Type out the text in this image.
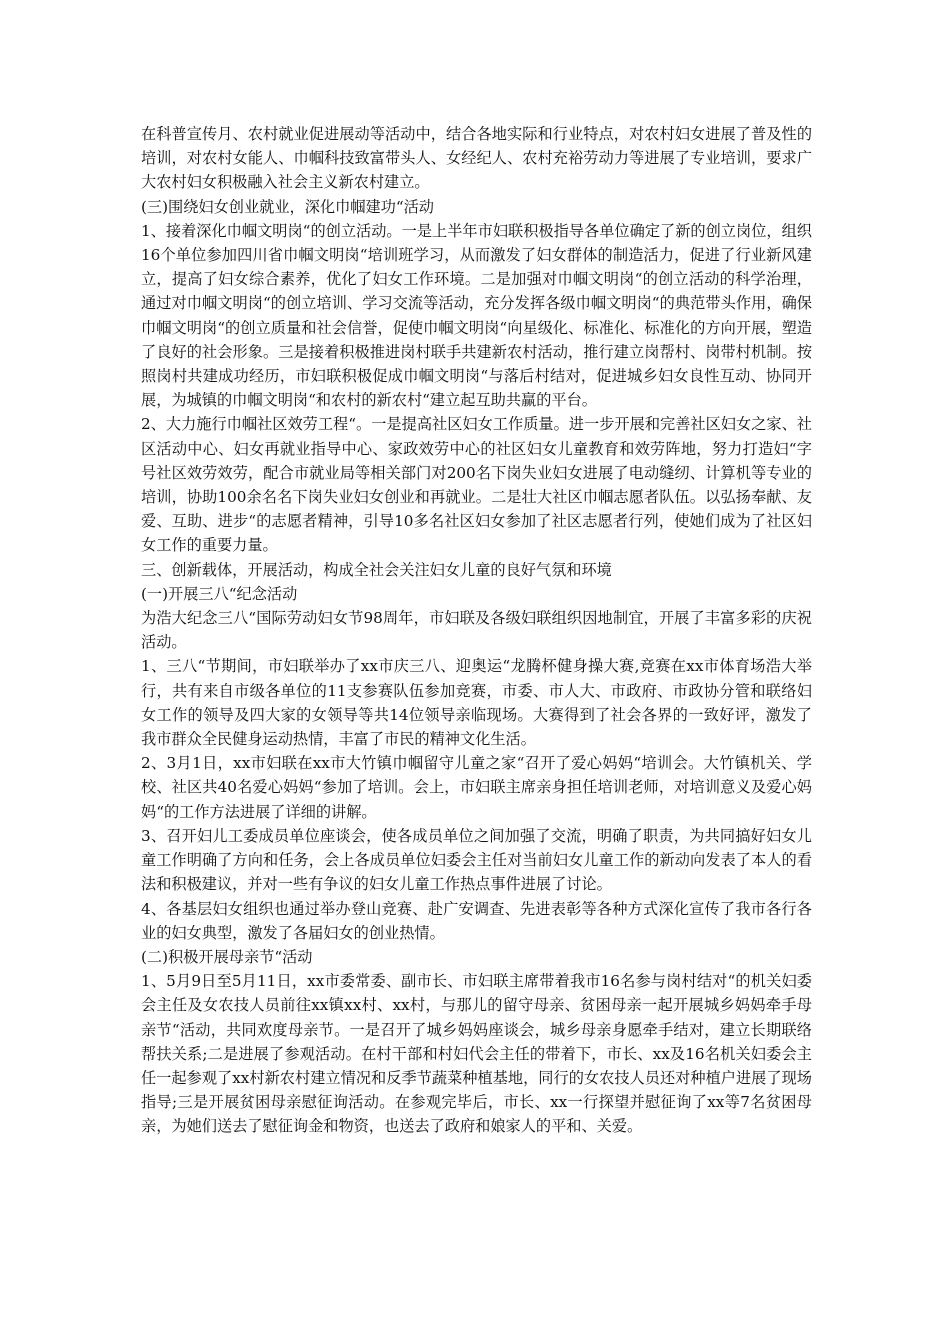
在科普宣传月、农村就业促进展动等活动中，结合各地实际和行业特点，对农村妇女进展了普及性的培训，对农村女能人、巾帼科技致富带头人、女经纪人、农村充裕劳动力等进展了专业培训，要求广大农村妇女积极融入社会主义新农村建立。

(三)围绕妇女创业就业，深化巾帼建功“活动

1、接着深化巾帼文明岗“的创立活动。一是上半年市妇联积极指导各单位确定了新的创立岗位，组织16个单位参加四川省巾帼文明岗“培训班学习，从而激发了妇女群体的制造活力，促进了行业新风建立，提高了妇女综合素养，优化了妇女工作环境。二是加强对巾帼文明岗“的创立活动的科学治理，通过对巾帼文明岗“的创立培训、学习交流等活动，充分发挥各级巾帼文明岗“的典范带头作用，确保巾帼文明岗“的创立质量和社会信誉，促使巾帼文明岗“向星级化、标准化、标准化的方向开展，塑造了良好的社会形象。三是接着积极推进岗村联手共建新农村活动，推行建立岗帮村、岗带村机制。按照岗村共建成功经历，市妇联积极促成巾帼文明岗“与落后村结对，促进城乡妇女良性互动、协同开展，为城镇的巾帼文明岗“和农村的新农村“建立起互助共赢的平台。

2、大力施行巾帼社区效劳工程“。一是提高社区妇女工作质量。进一步开展和完善社区妇女之家、社区活动中心、妇女再就业指导中心、家政效劳中心的社区妇女儿童教育和效劳阵地，努力打造妇“字号社区效劳效劳，配合市就业局等相关部门对200名下岗失业妇女进展了电动缝纫、计算机等专业的培训，协助100余名名下岗失业妇女创业和再就业。二是壮大社区巾帼志愿者队伍。以弘扬奉献、友爱、互助、进步“的志愿者精神，引导10多名社区妇女参加了社区志愿者行列，使她们成为了社区妇女工作的重要力量。

三、创新载体，开展活动，构成全社会关注妇女儿童的良好气氛和环境

(一)开展三八“纪念活动

为浩大纪念三八“国际劳动妇女节98周年，市妇联及各级妇联组织因地制宜，开展了丰富多彩的庆祝活动。

1、三八“节期间，市妇联举办了xx市庆三八、迎奥运“龙腾杯健身操大赛,竞赛在xx市体育场浩大举行，共有来自市级各单位的11支参赛队伍参加竞赛，市委、市人大、市政府、市政协分管和联络妇女工作的领导及四大家的女领导等共14位领导亲临现场。大赛得到了社会各界的一致好评，激发了我市群众全民健身运动热情，丰富了市民的精神文化生活。

2、3月1日，xx市妇联在xx市大竹镇巾帼留守儿童之家“召开了爱心妈妈“培训会。大竹镇机关、学校、社区共40名爱心妈妈“参加了培训。会上，市妇联主席亲身担任培训老师，对培训意义及爱心妈妈“的工作方法进展了详细的讲解。

3、召开妇儿工委成员单位座谈会，使各成员单位之间加强了交流，明确了职责，为共同搞好妇女儿童工作明确了方向和任务，会上各成员单位妇委会主任对当前妇女儿童工作的新动向发表了本人的看法和积极建议，并对一些有争议的妇女儿童工作热点事件进展了讨论。

4、各基层妇女组织也通过举办登山竞赛、赴广安调查、先进表彰等各种方式深化宣传了我市各行各业的妇女典型，激发了各届妇女的创业热情。

(二)积极开展母亲节“活动

1、5月9日至5月11日，xx市委常委、副市长、市妇联主席带着我市16名参与岗村结对“的机关妇委会主任及女农技人员前往xx镇xx村、xx村，与那儿的留守母亲、贫困母亲一起开展城乡妈妈牵手母亲节“活动，共同欢度母亲节。一是召开了城乡妈妈座谈会，城乡母亲身愿牵手结对，建立长期联络帮扶关系;二是进展了参观活动。在村干部和村妇代会主任的带着下，市长、xx及16名机关妇委会主任一起参观了xx村新农村建立情况和反季节蔬菜种植基地，同行的女农技人员还对种植户进展了现场指导;三是开展贫困母亲慰征询活动。在参观完毕后，市长、xx一行探望并慰征询了xx等7名贫困母亲，为她们送去了慰征询金和物资，也送去了政府和娘家人的平和、关爱。
